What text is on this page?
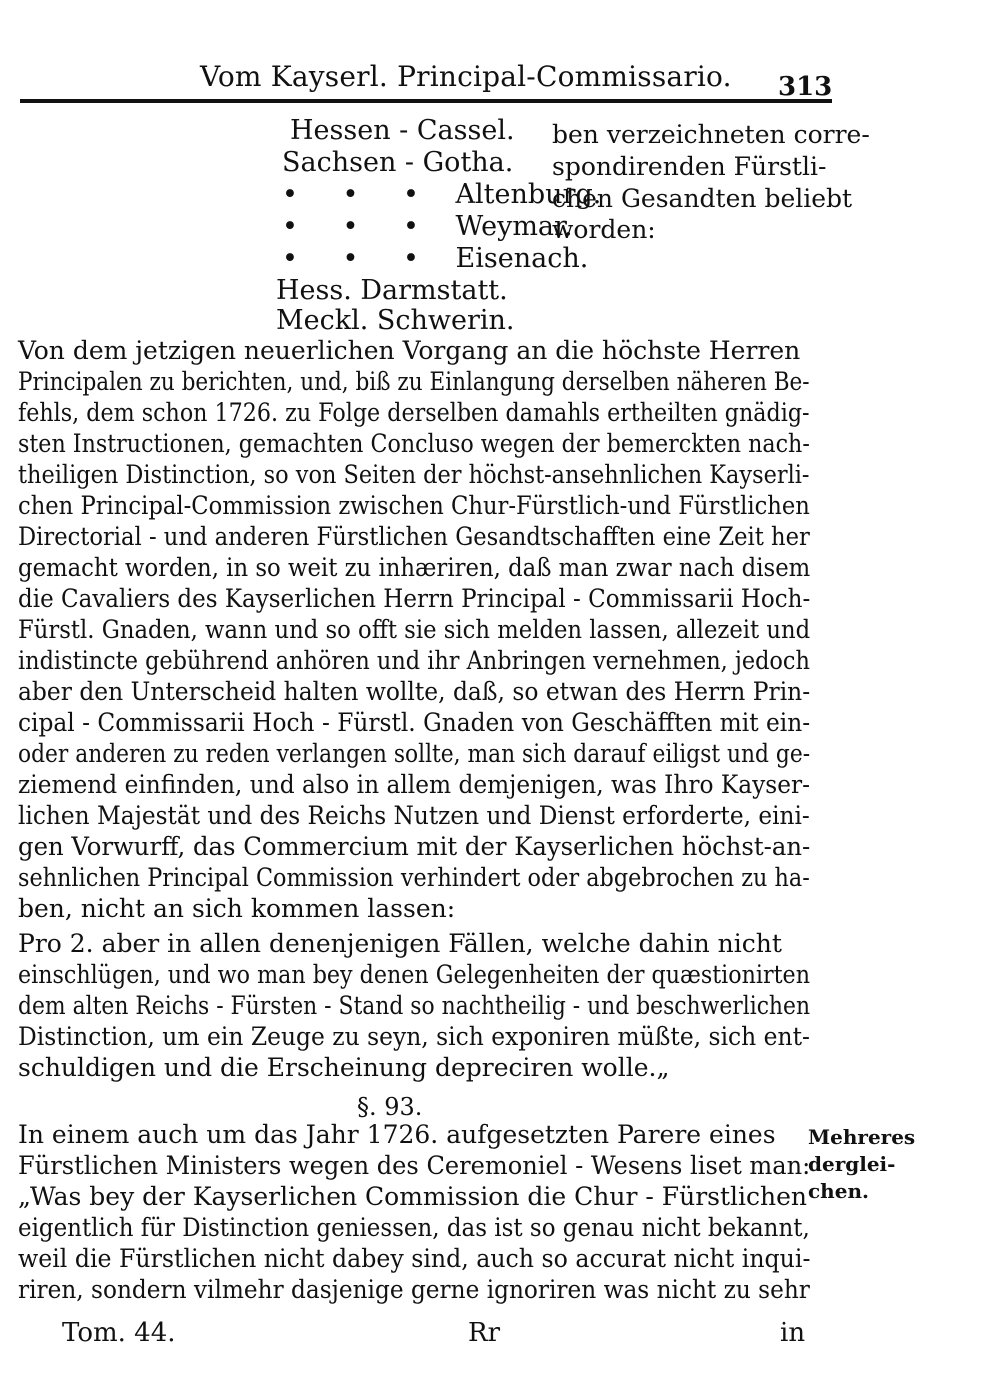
Vom Kayserl. Principal-Commissario. 313
Hessen - Cassel.
Sachsen - Gotha.
• • • Altenburg.
• • • Weymar.
• • • Eisenach.
Hess. Darmstatt.
Meckl. Schwerin.
ben verzeichneten corre-
spondirenden Fürstli-
chen Gesandten beliebt
worden:
Von dem jetzigen neuerlichen Vorgang an die höchste Herren
Principalen zu berichten, und, biß zu Einlangung derselben näheren Be-
fehls, dem schon 1726. zu Folge derselben damahls ertheilten gnädig-
sten Instructionen, gemachten Concluso wegen der bemerckten nach-
theiligen Distinction, so von Seiten der höchst-ansehnlichen Kayserli-
chen Principal-Commission zwischen Chur-Fürstlich-und Fürstlichen
Directorial - und anderen Fürstlichen Gesandtschafften eine Zeit her
gemacht worden, in so weit zu inhæriren, daß man zwar nach disem
die Cavaliers des Kayserlichen Herrn Principal - Commissarii Hoch-
Fürstl. Gnaden, wann und so offt sie sich melden lassen, allezeit und
indistincte gebührend anhören und ihr Anbringen vernehmen, jedoch
aber den Unterscheid halten wollte, daß, so etwan des Herrn Prin-
cipal - Commissarii Hoch - Fürstl. Gnaden von Geschäfften mit ein-
oder anderen zu reden verlangen sollte, man sich darauf eiligst und ge-
ziemend einfinden, und also in allem demjenigen, was Ihro Kayser-
lichen Majestät und des Reichs Nutzen und Dienst erforderte, eini-
gen Vorwurff, das Commercium mit der Kayserlichen höchst-an-
sehnlichen Principal Commission verhindert oder abgebrochen zu ha-
ben, nicht an sich kommen lassen:
Pro 2. aber in allen denenjenigen Fällen, welche dahin nicht
einschlügen, und wo man bey denen Gelegenheiten der quæstionirten
dem alten Reichs - Fürsten - Stand so nachtheilig - und beschwerlichen
Distinction, um ein Zeuge zu seyn, sich exponiren müßte, sich ent-
schuldigen und die Erscheinung depreciren wolle.„
§. 93.
In einem auch um das Jahr 1726. aufgesetzten Parere eines
Fürstlichen Ministers wegen des Ceremoniel - Wesens liset man:
„Was bey der Kayserlichen Commission die Chur - Fürstlichen
eigentlich für Distinction geniessen, das ist so genau nicht bekannt,
weil die Fürstlichen nicht dabey sind, auch so accurat nicht inqui-
riren, sondern vilmehr dasjenige gerne ignoriren was nicht zu sehr
Mehreres
derglei-
chen.
Tom. 44.	Rr	in
